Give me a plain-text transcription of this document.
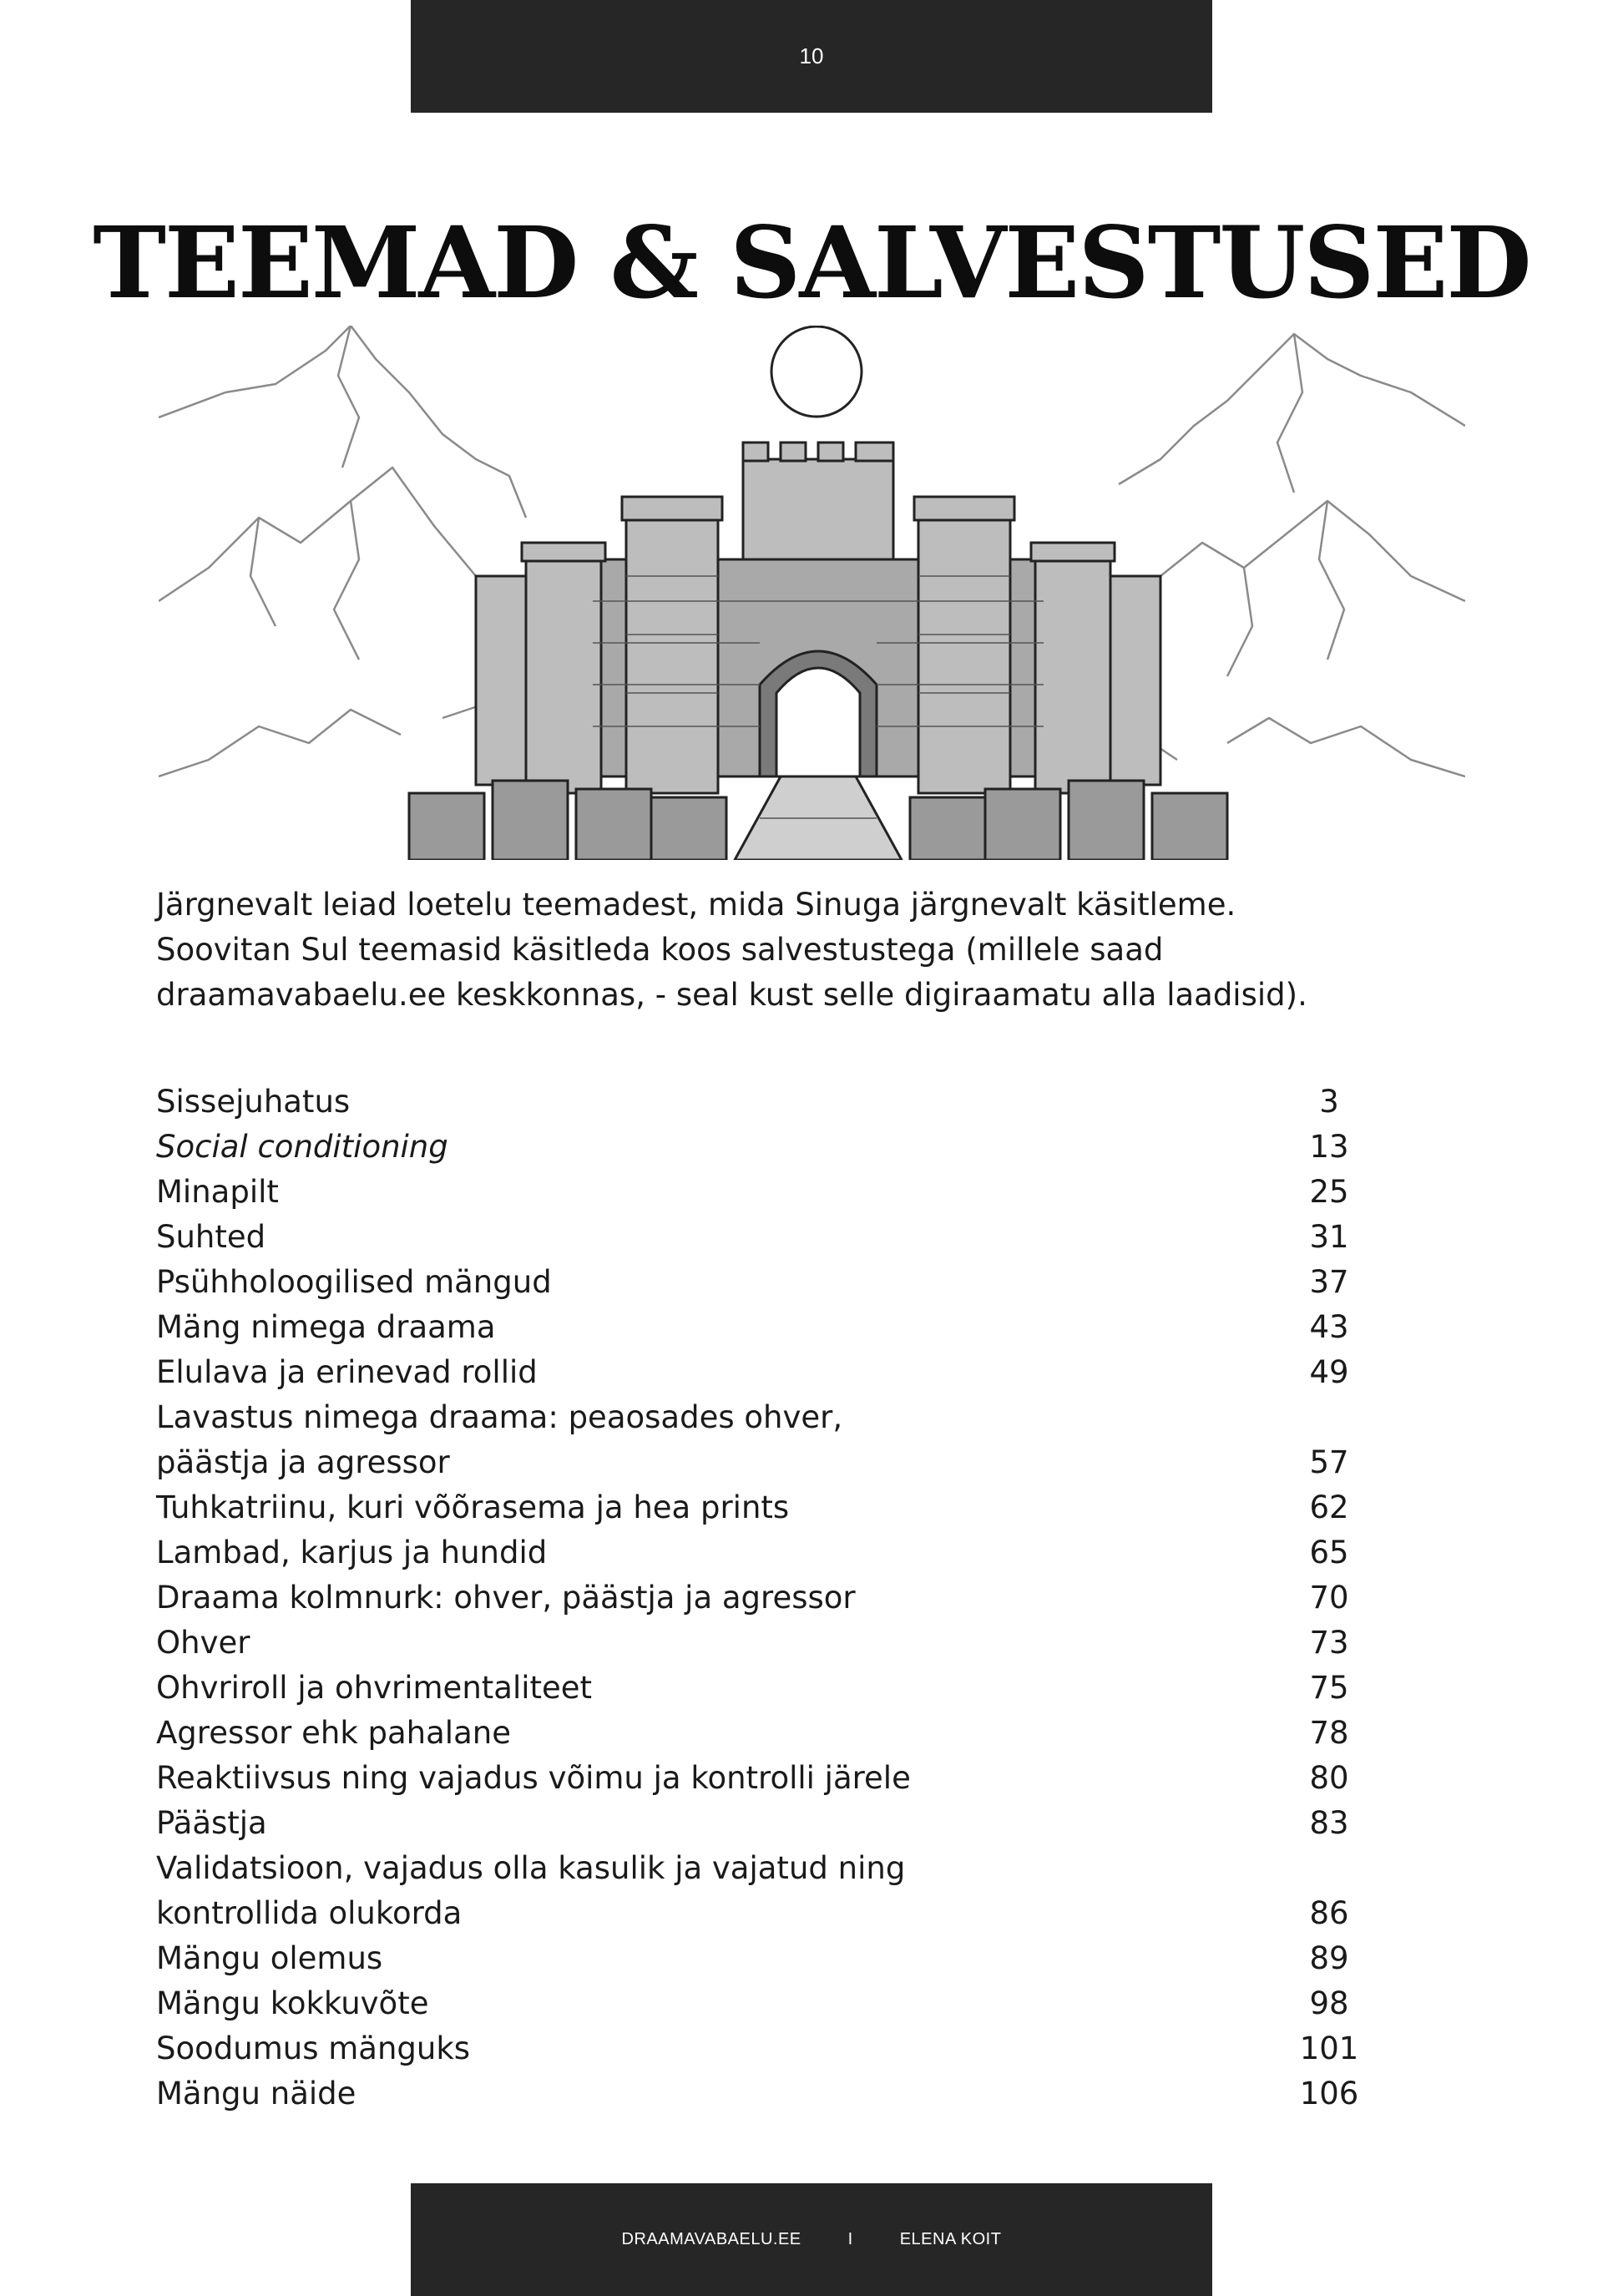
10
TEEMAD & SALVESTUSED

Järgnevalt leiad loetelu teemadest, mida Sinuga järgnevalt käsitleme.
Soovitan Sul teemasid käsitleda koos salvestustega (millele saad
draamavabaelu.ee keskkonnas, - seal kust selle digiraamatu alla laadisid).

Sissejuhatus	3
Social conditioning	13
Minapilt	25
Suhted	31
Psühholoogilised mängud	37
Mäng nimega draama	43
Elulava ja erinevad rollid	49
Lavastus nimega draama: peaosades ohver,
päästja ja agressor	57
Tuhkatriinu, kuri võõrasema ja hea prints	62
Lambad, karjus ja hundid	65
Draama kolmnurk: ohver, päästja ja agressor	70
Ohver	73
Ohvriroll ja ohvrimentaliteet	75
Agressor ehk pahalane	78
Reaktiivsus ning vajadus võimu ja kontrolli järele	80
Päästja	83
Validatsioon, vajadus olla kasulik ja vajatud ning
kontrollida olukorda	86
Mängu olemus	89
Mängu kokkuvõte	98
Soodumus mänguks	101
Mängu näide	106
DRAAMAVABAELU.EE	I	ELENA KOIT
